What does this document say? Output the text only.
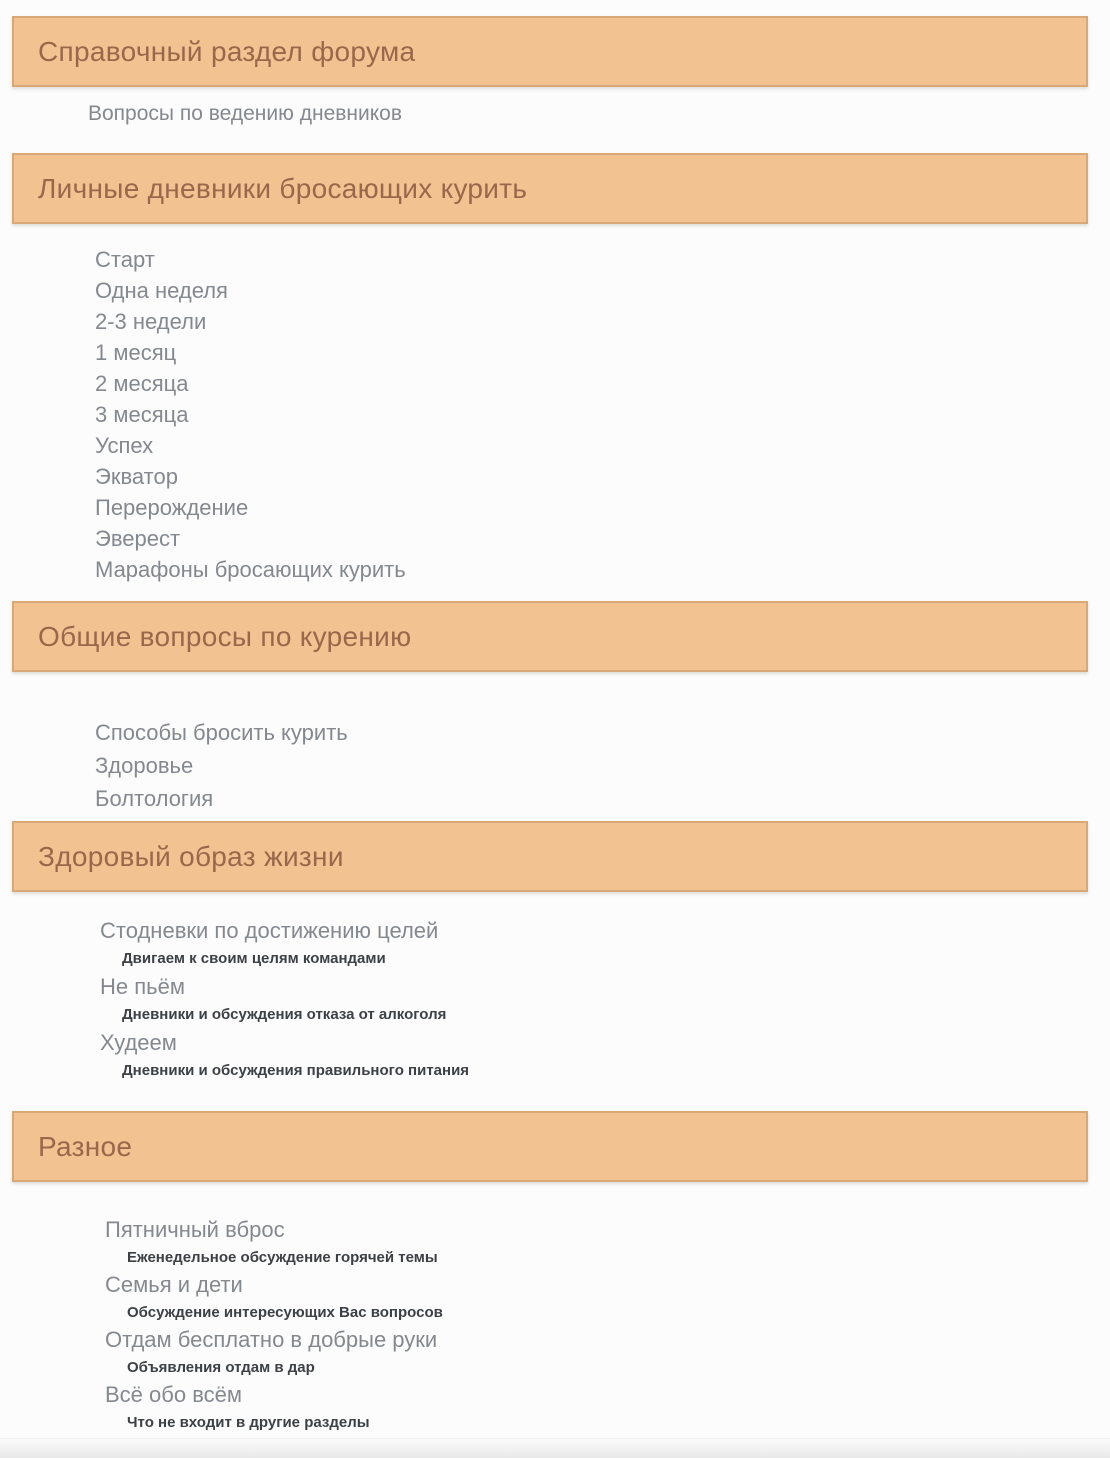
Справочный раздел форума
Вопросы по ведению дневников
Личные дневники бросающих курить
Старт
Одна неделя
2-3 недели
1 месяц
2 месяца
3 месяца
Успех
Экватор
Перерождение
Эверест
Марафоны бросающих курить
Общие вопросы по курению
Способы бросить курить
Здоровье
Болтология
Здоровый образ жизни
Стодневки по достижению целей
Двигаем к своим целям командами
Не пьём
Дневники и обсуждения отказа от алкоголя
Худеем
Дневники и обсуждения правильного питания
Разное
Пятничный вброс
Еженедельное обсуждение горячей темы
Семья и дети
Обсуждение интересующих Вас вопросов
Отдам бесплатно в добрые руки
Объявления отдам в дар
Всё обо всём
Что не входит в другие разделы
